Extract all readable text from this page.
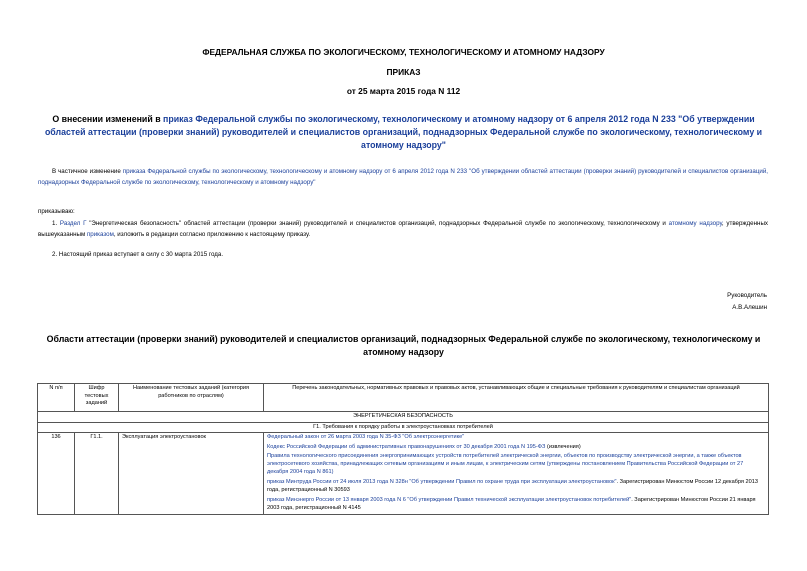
ФЕДЕРАЛЬНАЯ СЛУЖБА ПО ЭКОЛОГИЧЕСКОМУ, ТЕХНОЛОГИЧЕСКОМУ И АТОМНОМУ НАДЗОРУ
ПРИКАЗ
от 25 марта 2015 года N 112
О внесении изменений в приказ Федеральной службы по экологическому, технологическому и атомному надзору от 6 апреля 2012 года N 233 "Об утверждении областей аттестации (проверки знаний) руководителей и специалистов организаций, поднадзорных Федеральной службе по экологическому, технологическому и атомному надзору"
В частичное изменение приказа Федеральной службы по экологическому, технологическому и атомному надзору от 6 апреля 2012 года N 233 "Об утверждении областей аттестации (проверки знаний) руководителей и специалистов организаций, поднадзорных Федеральной службе по экологическому, технологическому и атомному надзору"
приказываю:
1. Раздел Г "Энергетическая безопасность" областей аттестации (проверки знаний) руководителей и специалистов организаций, поднадзорных Федеральной службе по экологическому, технологическому и атомному надзору, утвержденных вышеуказанным приказом, изложить в редакции согласно приложению к настоящему приказу.
2. Настоящий приказ вступает в силу с 30 марта 2015 года.
Руководитель
А.В.Алешин
Области аттестации (проверки знаний) руководителей и специалистов организаций, поднадзорных Федеральной службе по экологическому, технологическому и атомному надзору
N п/п	Шифр тестовых заданий	Наименование тестовых заданий (категория работников по отраслям)	Перечень законодательных, нормативных правовых и правовых актов, устанавливающих общие и специальные требования к руководителям и специалистам организаций
ЭНЕРГЕТИЧЕСКАЯ БЕЗОПАСНОСТЬ			
Г1. Требования к порядку работы в электроустановках потребителей			
136	Г1.1.	Эксплуатация электроустановок	Федеральный закон от 26 марта 2003 года N 35-ФЗ "Об электроэнергетике"
Кодекс Российской Федерации об административных правонарушениях от 30 декабря 2001 года N 195-ФЗ (извлечения)
Правила технологического присоединения энергопринимающих устройств потребителей электрической энергии, объектов по производству электрической энергии, а также объектов электросетевого хозяйства, принадлежащих сетевым организациям и иным лицам, к электрическим сетям (утверждены постановлением Правительства Российской Федерации от 27 декабря 2004 года N 861)
приказ Минтруда России от 24 июля 2013 года N 328н "Об утверждении Правил по охране труда при эксплуатации электроустановок". Зарегистрирован Минюстом России 12 декабря 2013 года, регистрационный N 30593
приказ Минэнерго России от 13 января 2003 года N 6 "Об утверждении Правил технической эксплуатации электроустановок потребителей". Зарегистрирован Минюстом России 21 января 2003 года, регистрационный N 4145
